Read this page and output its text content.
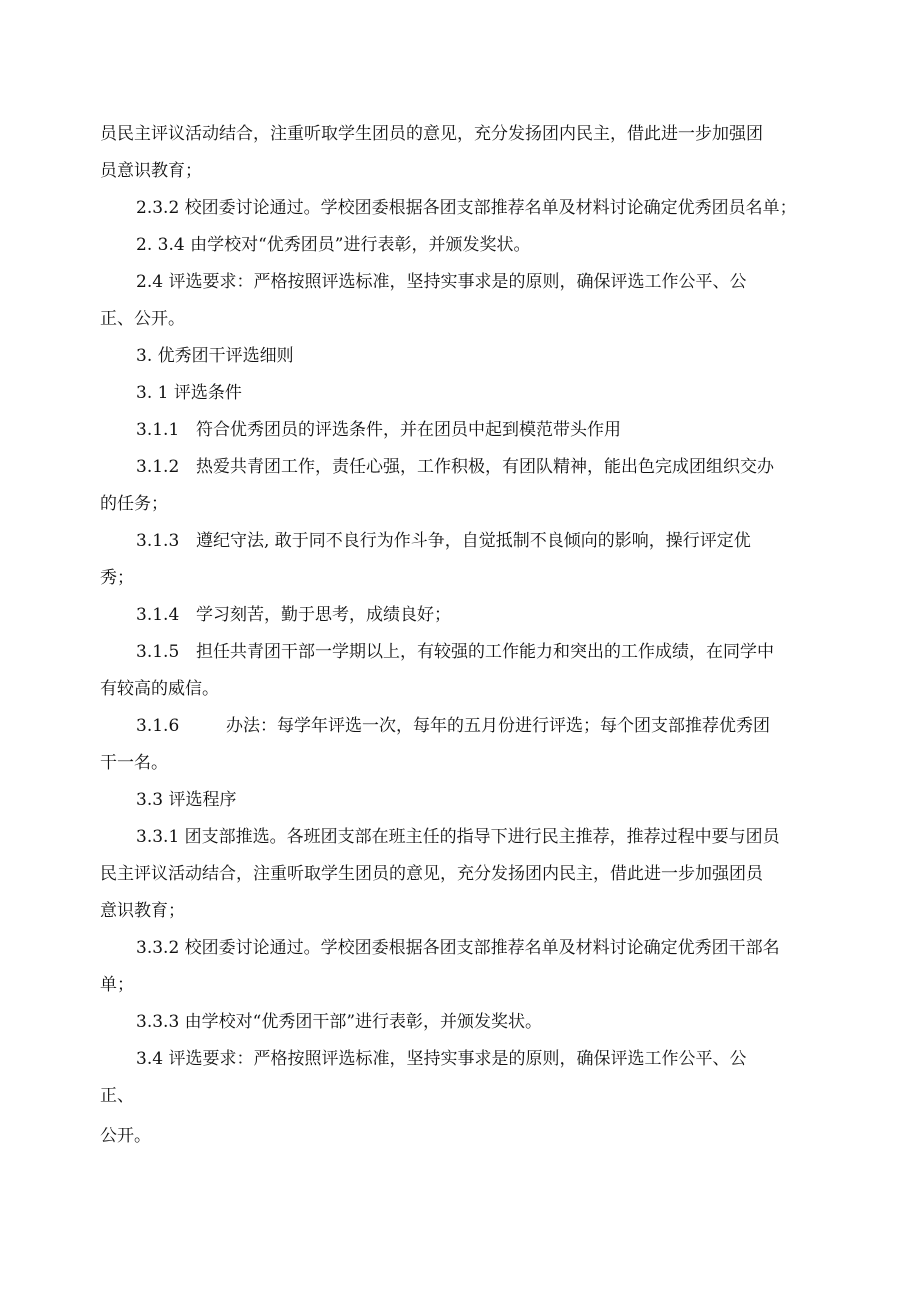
员民主评议活动结合，注重听取学生团员的意见，充分发扬团内民主，借此进一步加强团
员意识教育；
2.3.2 校团委讨论通过。学校团委根据各团支部推荐名单及材料讨论确定优秀团员名单；
2. 3.4 由学校对“优秀团员”进行表彰，并颁发奖状。
2.4 评选要求：严格按照评选标准，坚持实事求是的原则，确保评选工作公平、公
正、公开。
3. 优秀团干评选细则
3. 1 评选条件
3.1.1 符合优秀团员的评选条件，并在团员中起到模范带头作用
3.1.2 热爱共青团工作，责任心强，工作积极，有团队精神，能出色完成团组织交办
的任务；
3.1.3 遵纪守法, 敢于同不良行为作斗争，自觉抵制不良倾向的影响，操行评定优
秀；
3.1.4 学习刻苦，勤于思考，成绩良好；
3.1.5 担任共青团干部一学期以上，有较强的工作能力和突出的工作成绩，在同学中
有较高的威信。
3.1.6	办法：每学年评选一次，每年的五月份进行评选；每个团支部推荐优秀团
干一名。
3.3 评选程序
3.3.1 团支部推选。各班团支部在班主任的指导下进行民主推荐，推荐过程中要与团员
民主评议活动结合，注重听取学生团员的意见，充分发扬团内民主，借此进一步加强团员
意识教育；
3.3.2 校团委讨论通过。学校团委根据各团支部推荐名单及材料讨论确定优秀团干部名
单；
3.3.3 由学校对“优秀团干部”进行表彰，并颁发奖状。
3.4 评选要求：严格按照评选标准，坚持实事求是的原则，确保评选工作公平、公
正、
公开。
